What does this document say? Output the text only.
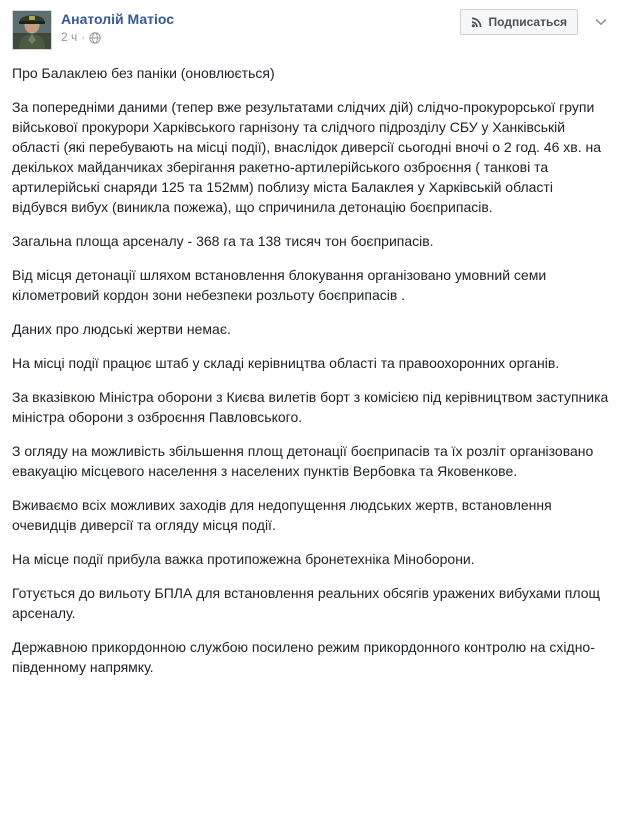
Анатолій Матіос
2 ч ·
Подписаться

Про Балаклею без паніки (оновлюється)

За попередніми даними (тепер вже результатами слідчих дій) слідчо-прокурорської групи військової прокурори Харківського гарнізону та слідчого підрозділу СБУ у Ханківській області (які перебувають на місці події), внаслідок диверсії сьогодні вночі о 2 год. 46 хв. на декількох майданчиках зберігання ракетно-артилерійського озброєння ( танкові та артилерійські снаряди 125 та 152мм) поблизу міста Балаклея у Харківській області відбувся вибух (виникла пожежа), що спричинила детонацію боєприпасів.

Загальна площа арсеналу - 368 га та 138 тисяч тон боєприпасів.

Від місця детонації шляхом встановлення блокування організовано умовний семи кілометровий кордон зони небезпеки розльоту боєприпасів .

Даних про людські жертви немає.

На місці події працює штаб у складі керівництва області та правоохоронних органів.

За вказівкою Міністра оборони з Києва вилетів борт з комісією під керівництвом заступника міністра оборони з озброєння Павловського.

З огляду на можливість збільшення площ детонації боєприпасів та їх розліт організовано евакуацію місцевого населення з населених пунктів Вербовка та Яковенкове.

Вживаємо всіх можливих заходів для недопущення людських жертв, встановлення очевидців диверсії та огляду місця події.

На місце події прибула важка протипожежна бронетехніка Міноборони.

Готується до вильоту БПЛА для встановлення реальних обсягів уражених вибухами площ арсеналу.

Державною прикордонною службою посилено режим прикордонного контролю на східно-південному напрямку.
